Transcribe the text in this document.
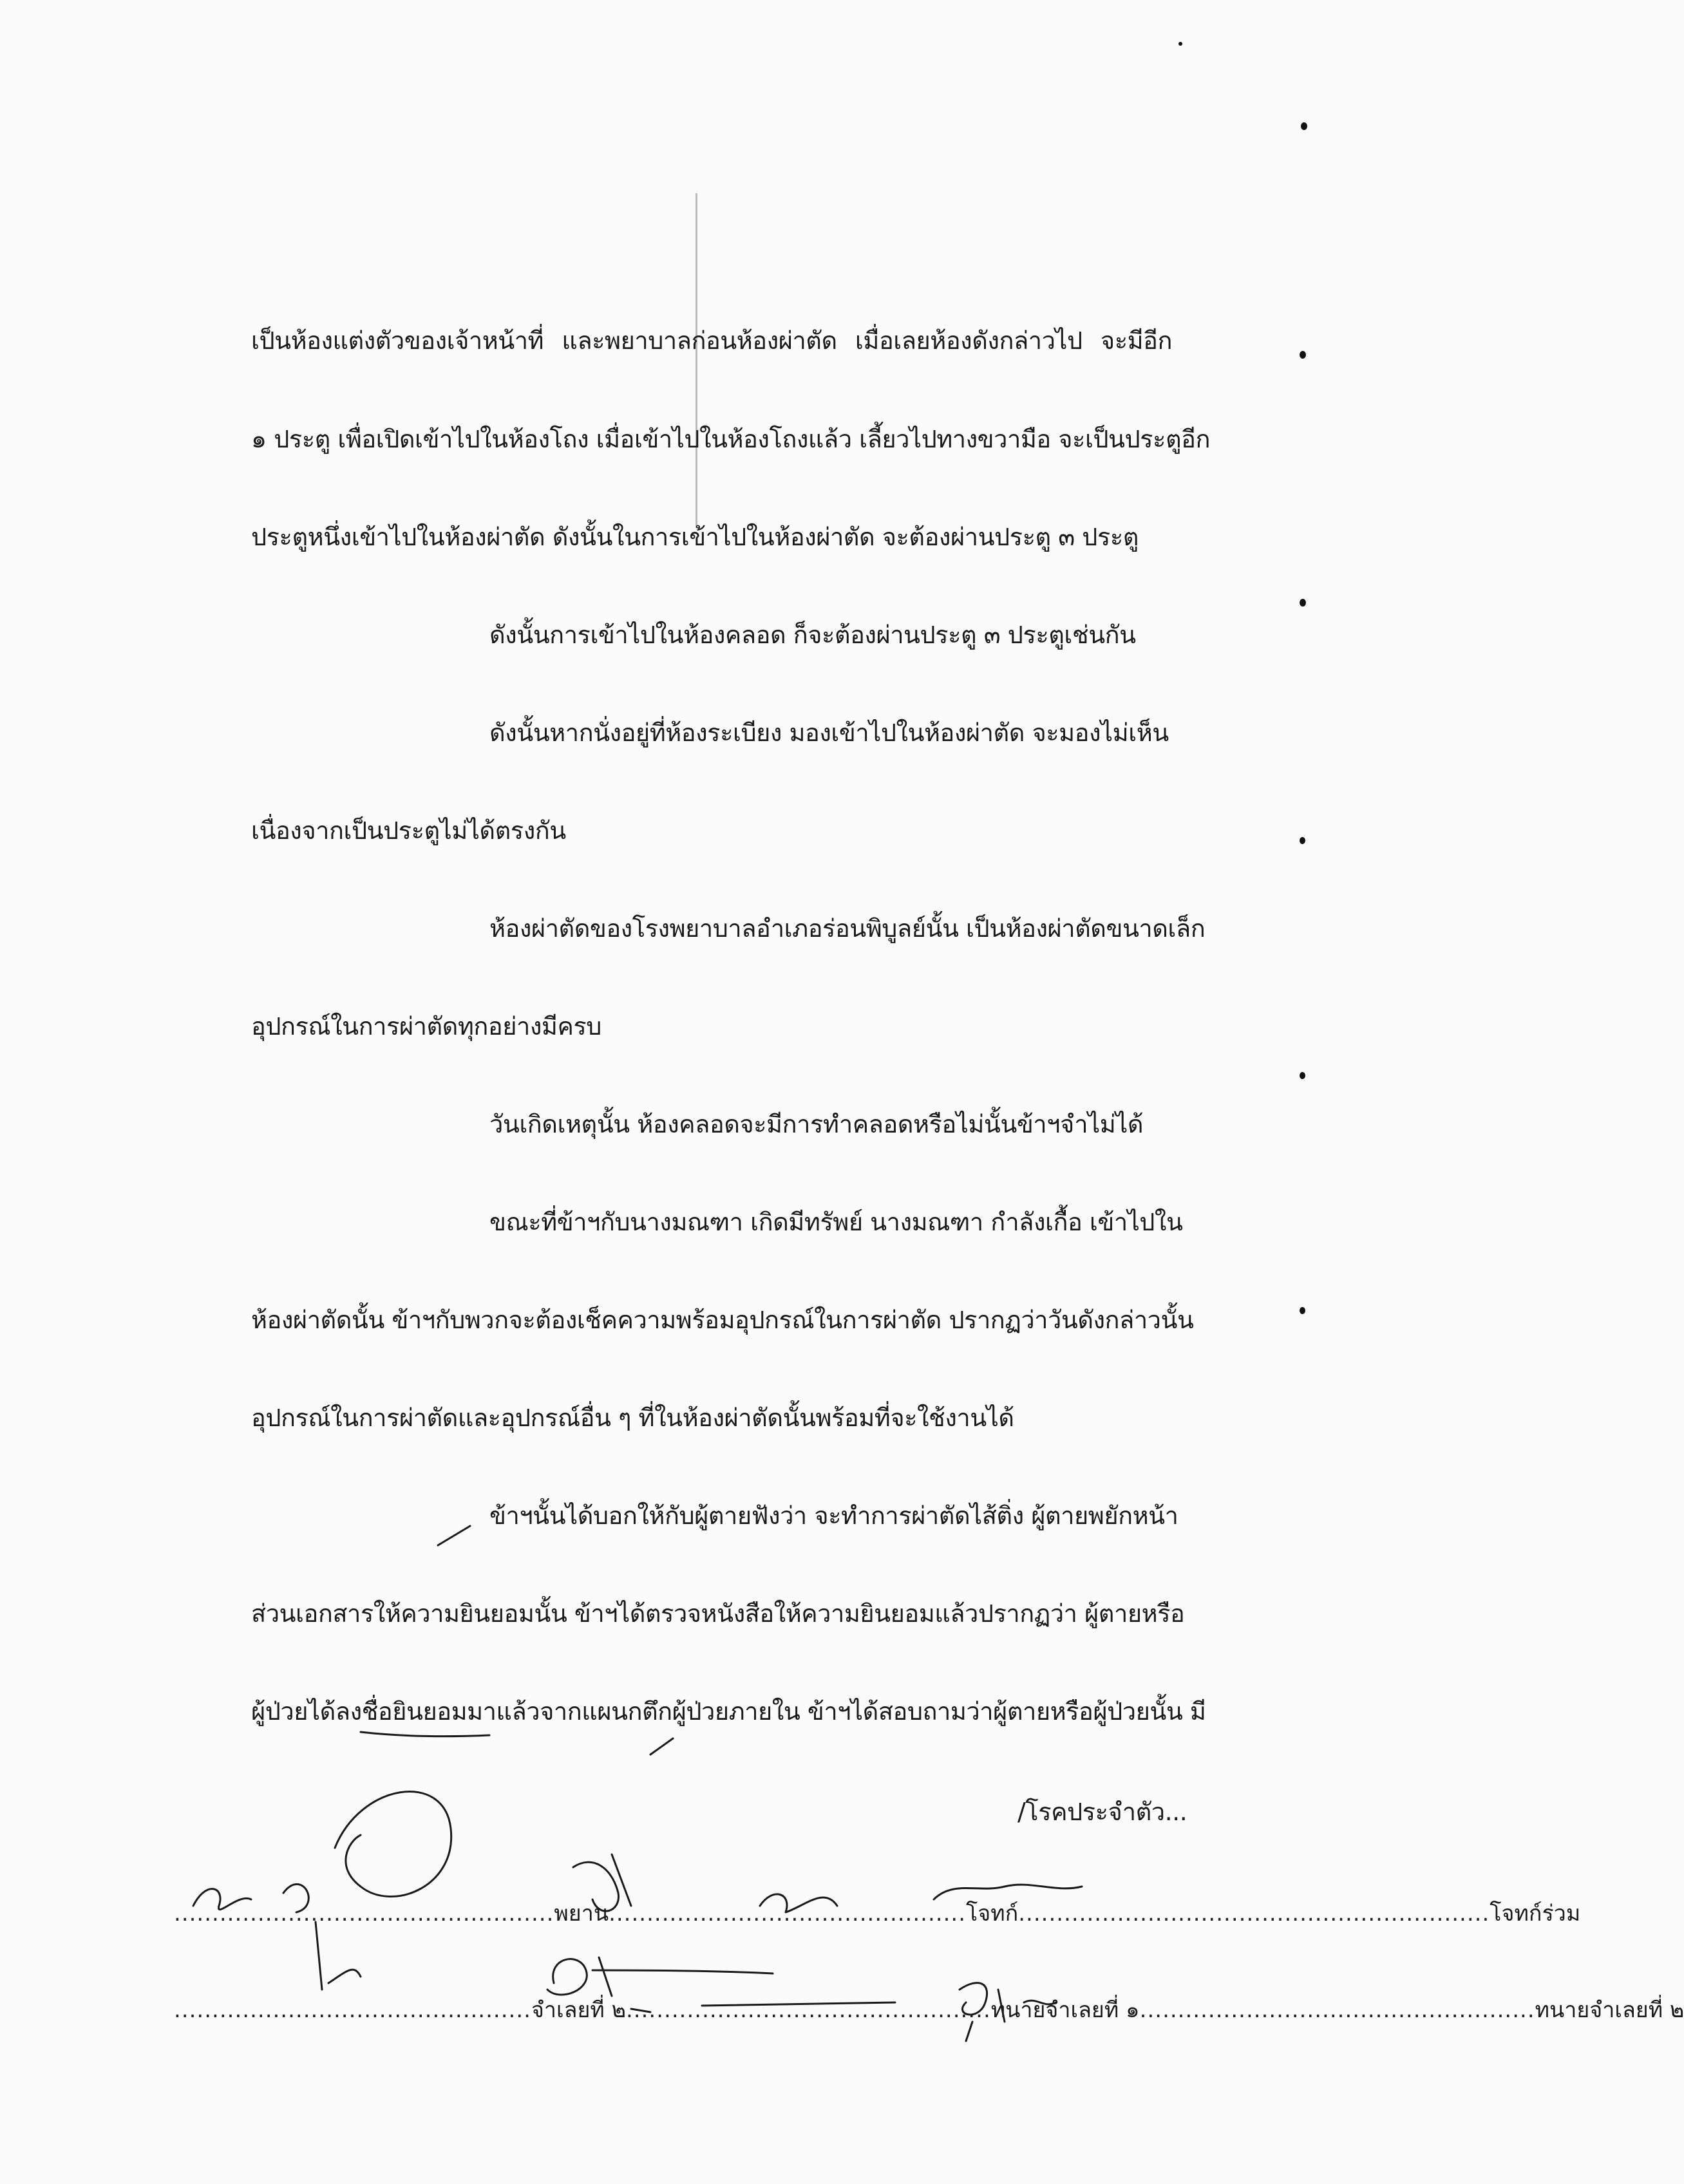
เป็นห้องแต่งตัวของเจ้าหน้าที่ และพยาบาลก่อนห้องผ่าตัด เมื่อเลยห้องดังกล่าวไป จะมีอีก
๑ ประตู เพื่อเปิดเข้าไปในห้องโถง เมื่อเข้าไปในห้องโถงแล้ว เลี้ยวไปทางขวามือ จะเป็นประตูอีก
ประตูหนึ่งเข้าไปในห้องผ่าตัด ดังนั้นในการเข้าไปในห้องผ่าตัด จะต้องผ่านประตู ๓ ประตู
ดังนั้นการเข้าไปในห้องคลอด ก็จะต้องผ่านประตู ๓ ประตูเช่นกัน
ดังนั้นหากนั่งอยู่ที่ห้องระเบียง มองเข้าไปในห้องผ่าตัด จะมองไม่เห็น
เนื่องจากเป็นประตูไม่ได้ตรงกัน
ห้องผ่าตัดของโรงพยาบาลอำเภอร่อนพิบูลย์นั้น เป็นห้องผ่าตัดขนาดเล็ก
อุปกรณ์ในการผ่าตัดทุกอย่างมีครบ
วันเกิดเหตุนั้น ห้องคลอดจะมีการทำคลอดหรือไม่นั้นข้าฯจำไม่ได้
ขณะที่ข้าฯกับนางมณฑา เกิดมีทรัพย์ นางมณฑา กำลังเกื้อ เข้าไปใน
ห้องผ่าตัดนั้น ข้าฯกับพวกจะต้องเช็คความพร้อมอุปกรณ์ในการผ่าตัด ปรากฏว่าวันดังกล่าวนั้น
อุปกรณ์ในการผ่าตัดและอุปกรณ์อื่น ๆ ที่ในห้องผ่าตัดนั้นพร้อมที่จะใช้งานได้
ข้าฯนั้นได้บอกให้กับผู้ตายฟังว่า จะทำการผ่าตัดไส้ติ่ง ผู้ตายพยักหน้า
ส่วนเอกสารให้ความยินยอมนั้น ข้าฯได้ตรวจหนังสือให้ความยินยอมแล้วปรากฏว่า ผู้ตายหรือ
ผู้ป่วยได้ลงชื่อยินยอมมาแล้วจากแผนกตึกผู้ป่วยภายใน ข้าฯได้สอบถามว่าผู้ตายหรือผู้ป่วยนั้น มี
/โรคประจำตัว...
..................................................พยาน...............................................โจทก์..............................................................โจทก์ร่วม
...............................................จำเลยที่ ๒................................................ทนายจำเลยที่ ๑....................................................ทนายจำเลยที่ ๒
